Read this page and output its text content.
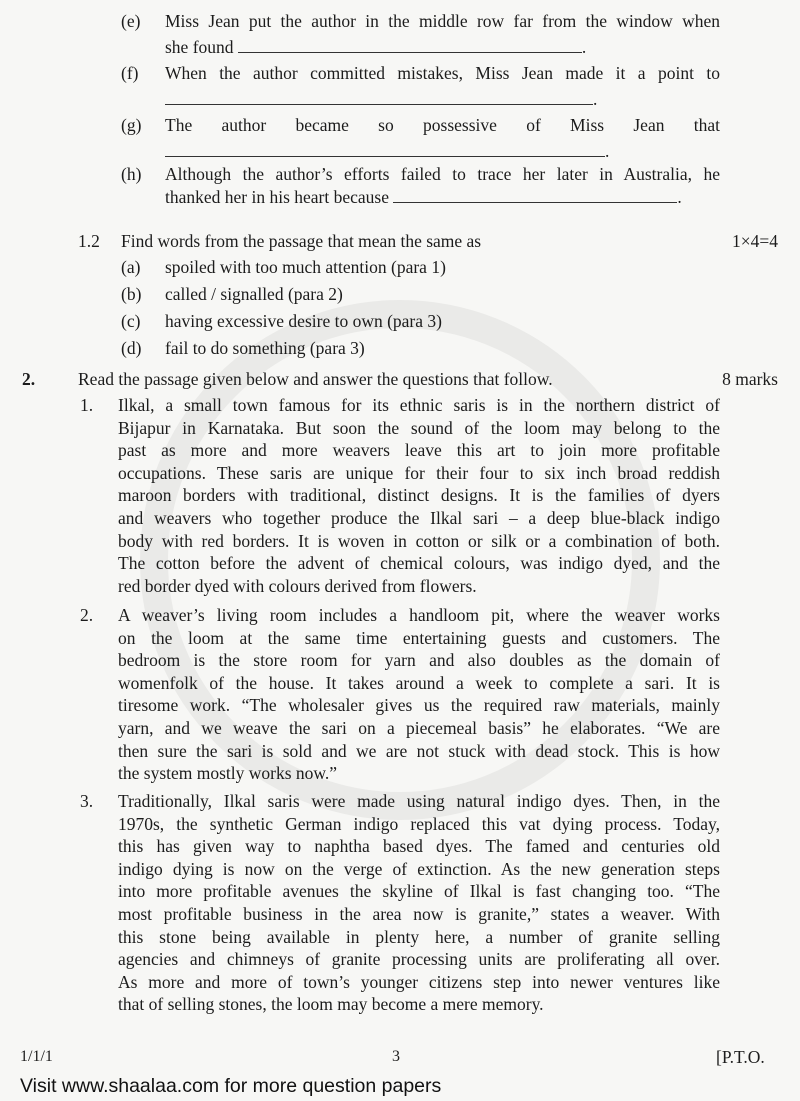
(e) Miss Jean put the author in the middle row far from the window when
she found	.
(f) When the author committed mistakes, Miss Jean made it a point to
.
(g) The author became so possessive of Miss Jean that
.
(h) Although the author’s efforts failed to trace her later in Australia, he
thanked her in his heart because	.
1.2 Find words from the passage that mean the same as	1×4=4
(a) spoiled with too much attention (para 1)
(b) called / signalled (para 2)
(c) having excessive desire to own (para 3)
(d) fail to do something (para 3)
2. Read the passage given below and answer the questions that follow.	8 marks
1. Ilkal, a small town famous for its ethnic saris is in the northern district of
Bijapur in Karnataka. But soon the sound of the loom may belong to the
past as more and more weavers leave this art to join more profitable
occupations. These saris are unique for their four to six inch broad reddish
maroon borders with traditional, distinct designs. It is the families of dyers
and weavers who together produce the Ilkal sari – a deep blue-black indigo
body with red borders. It is woven in cotton or silk or a combination of both.
The cotton before the advent of chemical colours, was indigo dyed, and the
red border dyed with colours derived from flowers.
2. A weaver’s living room includes a handloom pit, where the weaver works
on the loom at the same time entertaining guests and customers. The
bedroom is the store room for yarn and also doubles as the domain of
womenfolk of the house. It takes around a week to complete a sari. It is
tiresome work. “The wholesaler gives us the required raw materials, mainly
yarn, and we weave the sari on a piecemeal basis” he elaborates. “We are
then sure the sari is sold and we are not stuck with dead stock. This is how
the system mostly works now.”
3. Traditionally, Ilkal saris were made using natural indigo dyes. Then, in the
1970s, the synthetic German indigo replaced this vat dying process. Today,
this has given way to naphtha based dyes. The famed and centuries old
indigo dying is now on the verge of extinction. As the new generation steps
into more profitable avenues the skyline of Ilkal is fast changing too. “The
most profitable business in the area now is granite,” states a weaver. With
this stone being available in plenty here, a number of granite selling
agencies and chimneys of granite processing units are proliferating all over.
As more and more of town’s younger citizens step into newer ventures like
that of selling stones, the loom may become a mere memory.
1/1/1	3	[P.T.O.
Visit www.shaalaa.com for more question papers
